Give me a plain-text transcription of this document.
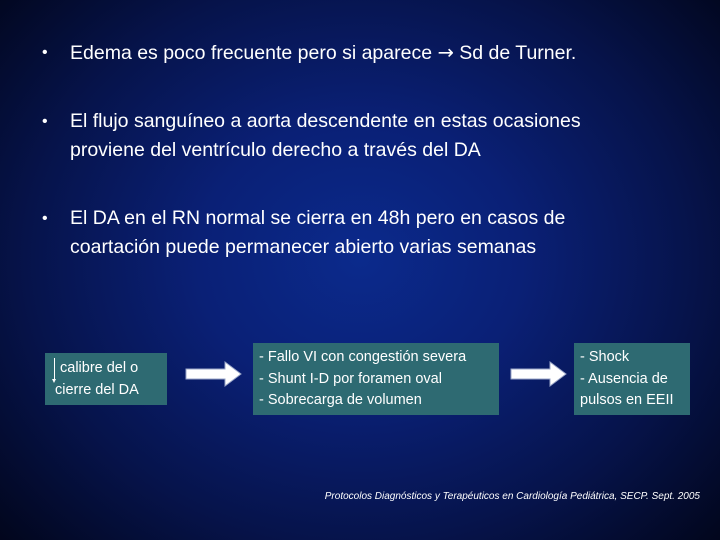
• Edema es poco frecuente pero si aparece → Sd de Turner.
• El flujo sanguíneo a aorta descendente en estas ocasiones
proviene del ventrículo derecho a través del DA
• El DA en el RN normal se cierra en 48h pero en casos de
coartación puede permanecer abierto varias semanas
calibre del o
cierre del DA
- Fallo VI con congestión severa
- Shunt I-D por foramen oval
- Sobrecarga de volumen
- Shock
- Ausencia de
pulsos en EEII
Protocolos Diagnósticos y Terapéuticos en Cardiología Pediátrica, SECP. Sept. 2005
